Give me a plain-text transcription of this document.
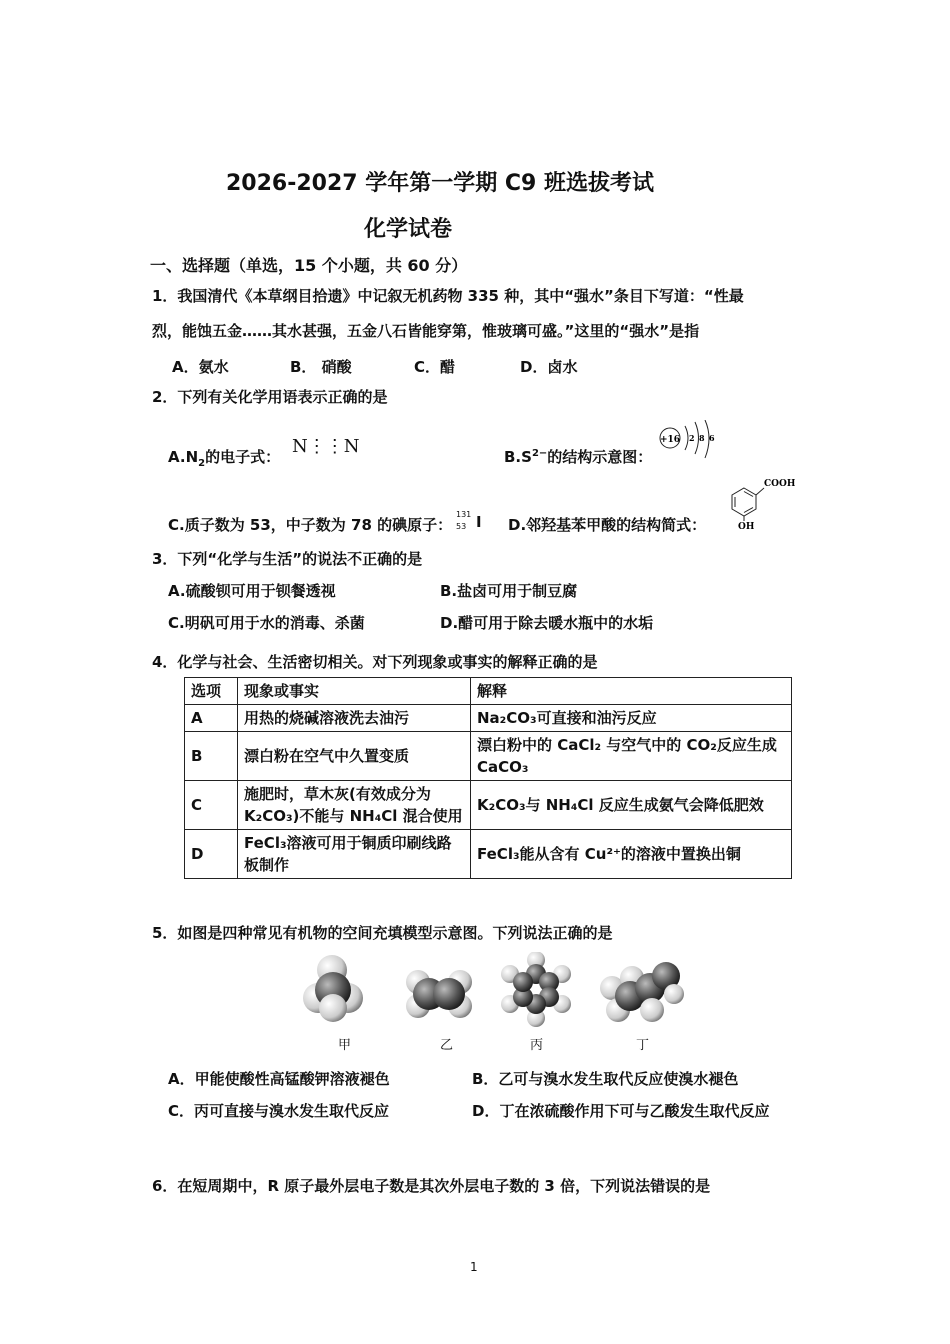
2026-2027 学年第一学期 C9 班选拔考试
化学试卷
一、选择题（单选，15 个小题，共 60 分）
1．我国清代《本草纲目拾遗》中记叙无机药物 335 种，其中“强水”条目下写道：“性最
烈，能蚀五金……其水甚强，五金八石皆能穿第，惟玻璃可盛。”这里的“强水”是指
A．氨水	B． 硝酸	C．醋	D．卤水
2．下列有关化学用语表示正确的是
$A.N_2$的电子式： N⋮⋮N	$B.S^{2-}$的结构示意图：
+16 2 8 6
C.质子数为 53，中子数为 78 的碘原子：
131
53 I D.邻羟基苯甲酸的结构简式：
COOH
OH
3．下列“化学与生活”的说法不正确的是
A.硫酸钡可用于钡餐透视	B.盐卤可用于制豆腐
C.明矾可用于水的消毒、杀菌	D.醋可用于除去暖水瓶中的水垢
4．化学与社会、生活密切相关。对下列现象或事实的解释正确的是
选项	现象或事实	解释
A	用热的烧碱溶液洗去油污	Na₂CO₃可直接和油污反应
B	漂白粉在空气中久置变质	漂白粉中的 CaCl₂ 与空气中的 CO₂反应生成 CaCO₃
C	施肥时，草木灰(有效成分为 K₂CO₃)不能与 NH₄Cl 混合使用	K₂CO₃与 NH₄Cl 反应生成氨气会降低肥效
D	FeCl₃溶液可用于铜质印刷线路板制作	FeCl₃能从含有 Cu²⁺的溶液中置换出铜
5．如图是四种常见有机物的空间充填模型示意图。下列说法正确的是
甲	乙	丙	丁
A．甲能使酸性高锰酸钾溶液褪色	B．乙可与溴水发生取代反应使溴水褪色
C．丙可直接与溴水发生取代反应	D．丁在浓硫酸作用下可与乙酸发生取代反应
6．在短周期中，R 原子最外层电子数是其次外层电子数的 3 倍，下列说法错误的是
1
